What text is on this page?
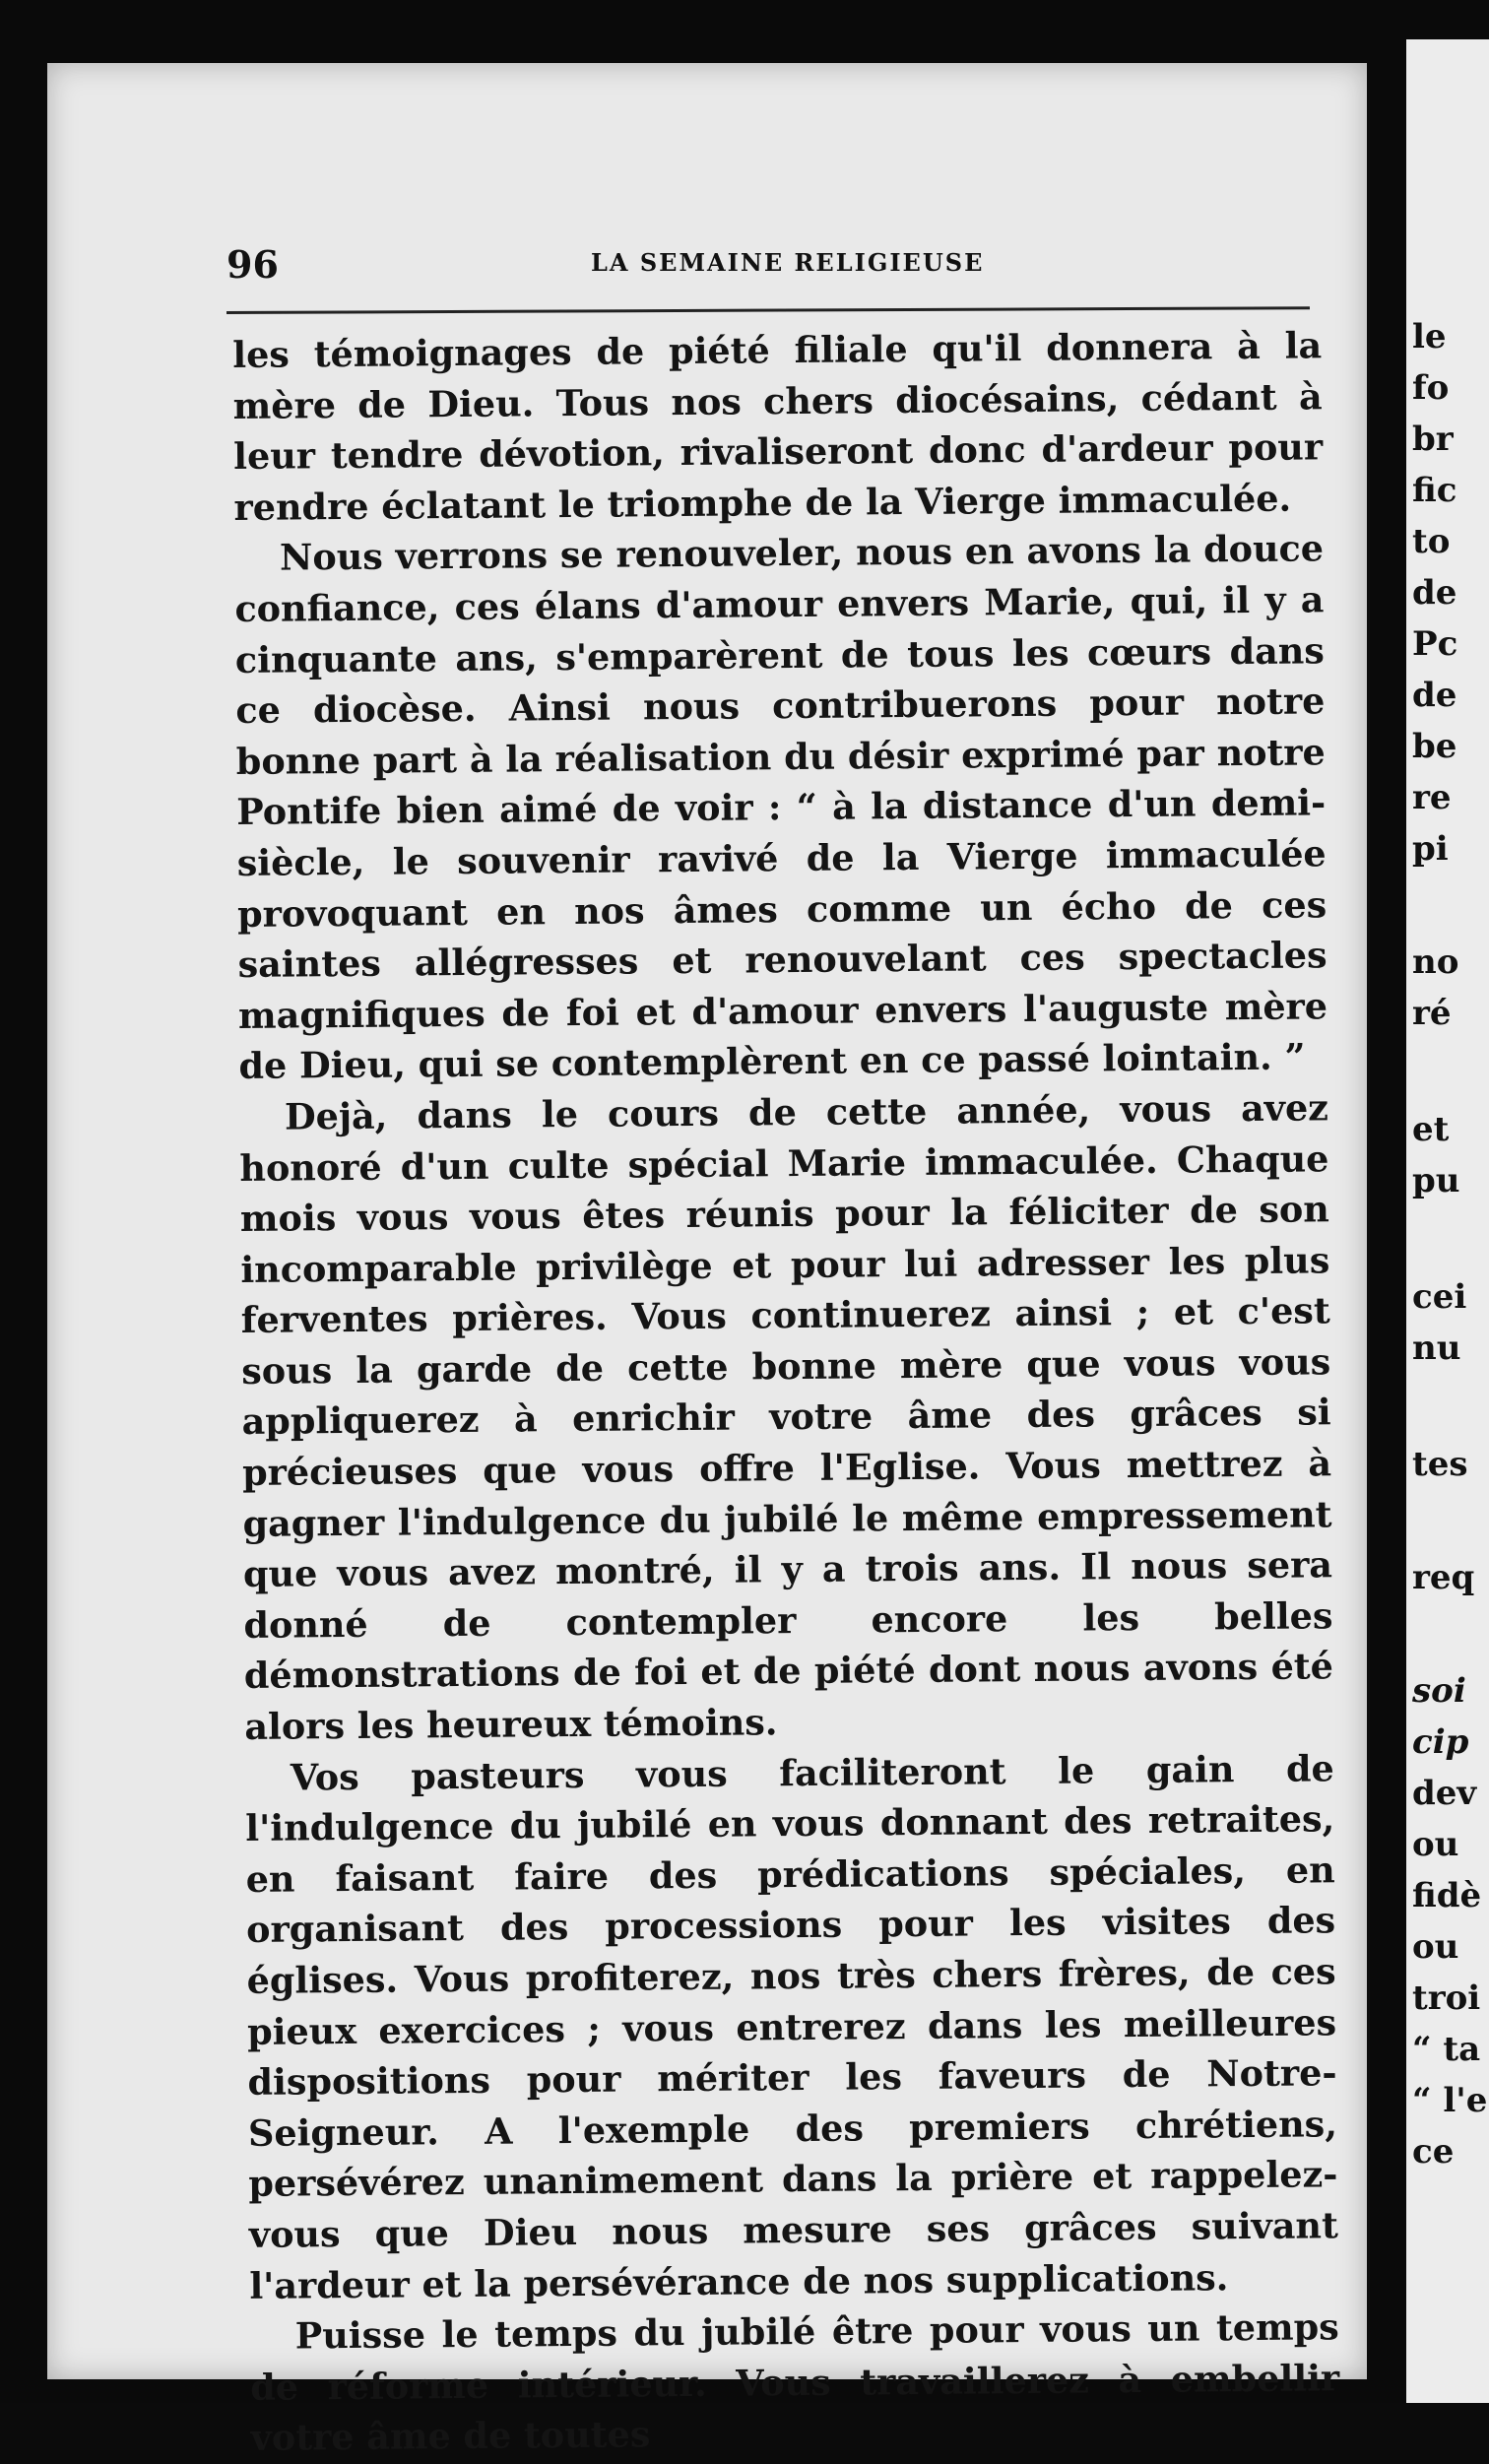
le
fo
br
fic
to
de
Pc
de
be
re
pi
no
ré
et
pu
cei
nu
tes
req
soi
cip
dev
ou
fidè
ou
troi
“ ta
“ l'e
ce
96	LA SEMAINE RELIGIEUSE

les témoignages de piété filiale qu'il donnera à la mère de Dieu. Tous nos chers diocésains, cédant à leur tendre dévotion, rivaliseront donc d'ardeur pour rendre éclatant le triomphe de la Vierge immaculée.

Nous verrons se renouveler, nous en avons la douce confiance, ces élans d'amour envers Marie, qui, il y a cinquante ans, s'emparèrent de tous les cœurs dans ce diocèse. Ainsi nous contribuerons pour notre bonne part à la réalisation du désir exprimé par notre Pontife bien aimé de voir : “ à la distance d'un demi-siècle, le souvenir ravivé de la Vierge immaculée provoquant en nos âmes comme un écho de ces saintes allégresses et renouvelant ces spectacles magnifiques de foi et d'amour envers l'auguste mère de Dieu, qui se contemplèrent en ce passé lointain. ”

Dejà, dans le cours de cette année, vous avez honoré d'un culte spécial Marie immaculée. Chaque mois vous vous êtes réunis pour la féliciter de son incomparable privilège et pour lui adresser les plus ferventes prières. Vous continuerez ainsi ; et c'est sous la garde de cette bonne mère que vous vous appliquerez à enrichir votre âme des grâces si précieuses que vous offre l'Eglise. Vous mettrez à gagner l'indulgence du jubilé le même empressement que vous avez montré, il y a trois ans. Il nous sera donné de contempler encore les belles démonstrations de foi et de piété dont nous avons été alors les heureux témoins.

Vos pasteurs vous faciliteront le gain de l'indulgence du jubilé en vous donnant des retraites, en faisant faire des prédications spéciales, en organisant des processions pour les visites des églises. Vous profiterez, nos très chers frères, de ces pieux exercices ; vous entrerez dans les meilleures dispositions pour mériter les faveurs de Notre-Seigneur. A l'exemple des premiers chrétiens, persévérez unanimement dans la prière et rappelez-vous que Dieu nous mesure ses grâces suivant l'ardeur et la persévérance de nos supplications.

Puisse le temps du jubilé être pour vous un temps de réforme intérieur. Vous travaillerez à embellir votre âme de toutes
